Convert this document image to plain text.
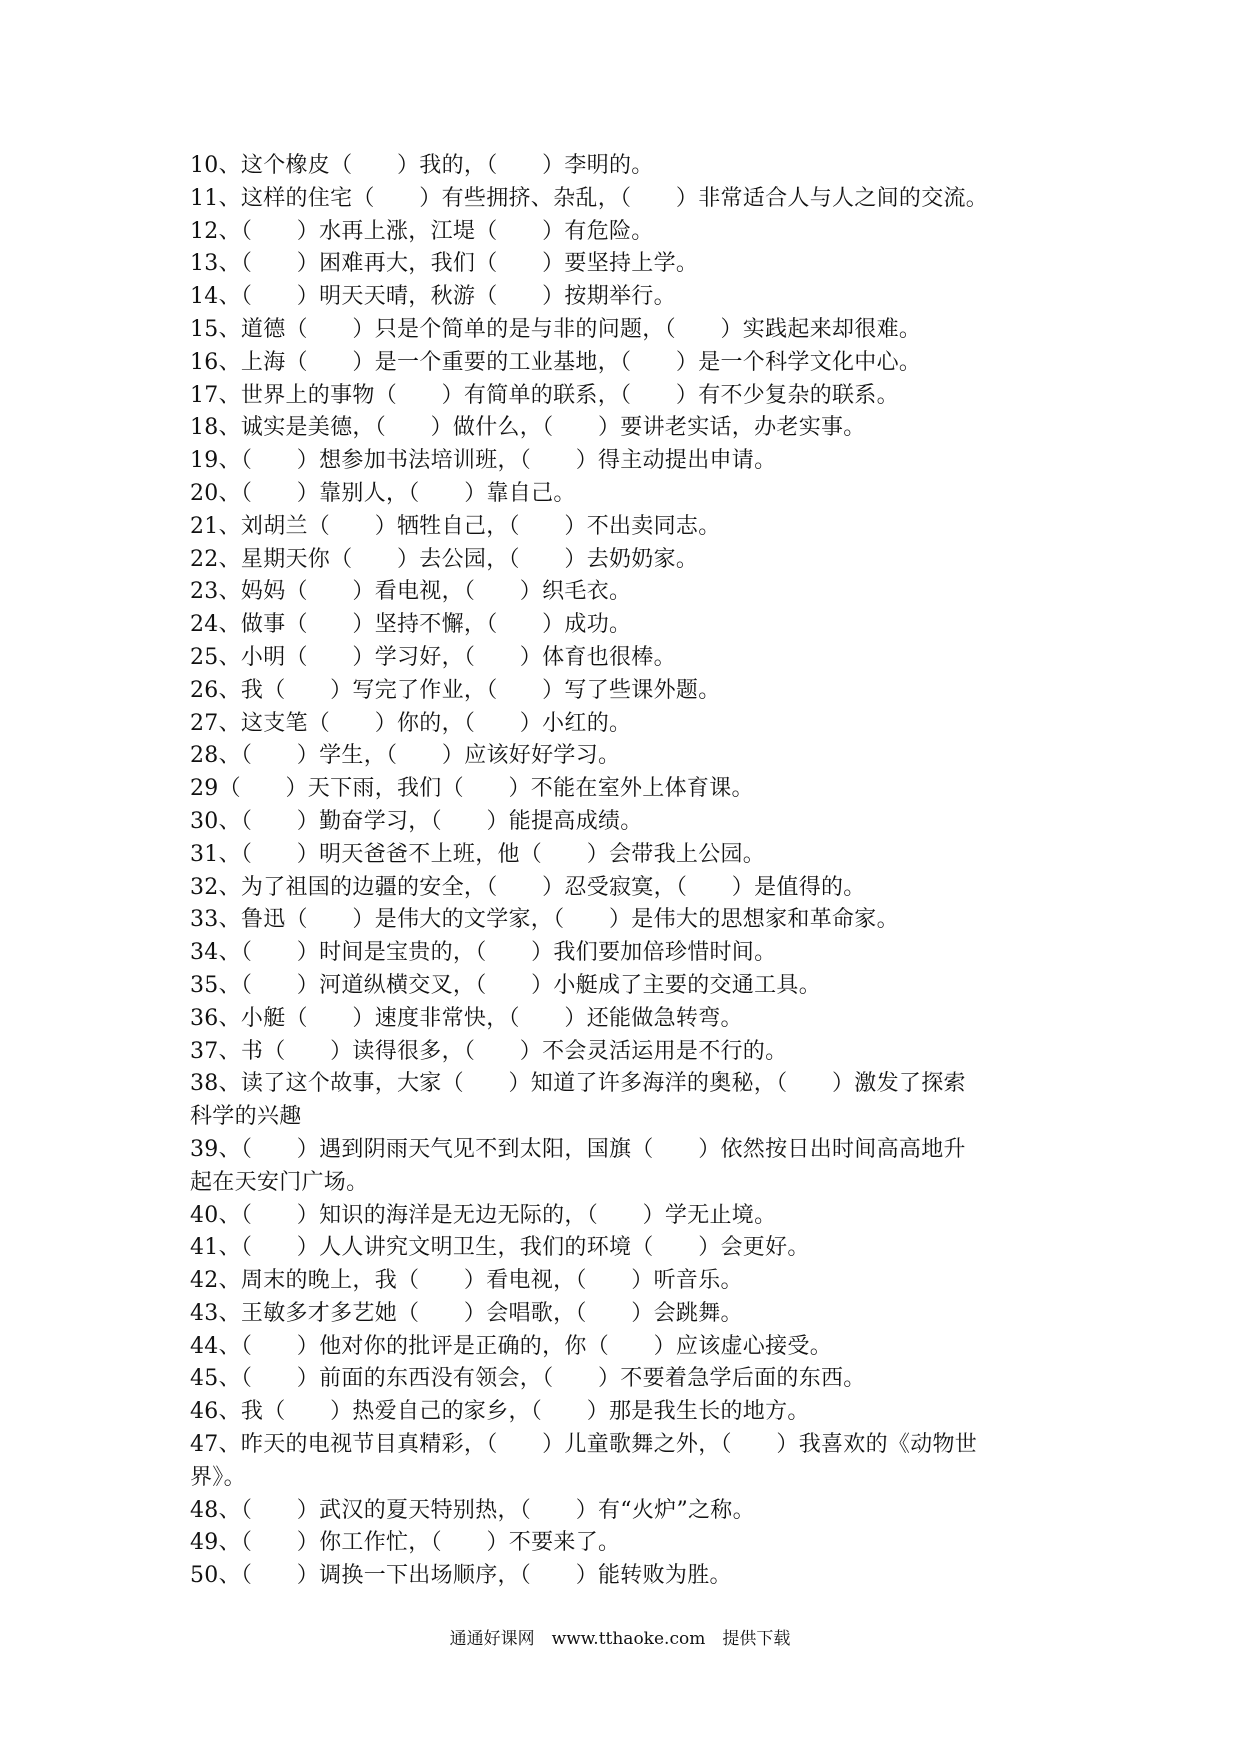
10、这个橡皮（　　）我的，（　　）李明的。
11、这样的住宅（　　）有些拥挤、杂乱，（　　）非常适合人与人之间的交流。
12、（　　）水再上涨，江堤（　　）有危险。
13、（　　）困难再大，我们（　　）要坚持上学。
14、（　　）明天天晴，秋游（　　）按期举行。
15、道德（　　）只是个简单的是与非的问题，（　　）实践起来却很难。
16、上海（　　）是一个重要的工业基地，（　　）是一个科学文化中心。
17、世界上的事物（　　）有简单的联系，（　　）有不少复杂的联系。
18、诚实是美德，（　　）做什么，（　　）要讲老实话，办老实事。
19、（　　）想参加书法培训班，（　　）得主动提出申请。
20、（　　）靠别人，（　　）靠自己。
21、刘胡兰（　　）牺牲自己，（　　）不出卖同志。
22、星期天你（　　）去公园，（　　）去奶奶家。
23、妈妈（　　）看电视，（　　）织毛衣。
24、做事（　　）坚持不懈，（　　）成功。
25、小明（　　）学习好，（　　）体育也很棒。
26、我（　　）写完了作业，（　　）写了些课外题。
27、这支笔（　　）你的，（　　）小红的。
28、（　　）学生，（　　）应该好好学习。
29（　　）天下雨，我们（　　）不能在室外上体育课。
30、（　　）勤奋学习，（　　）能提高成绩。
31、（　　）明天爸爸不上班，他（　　）会带我上公园。
32、为了祖国的边疆的安全，（　　）忍受寂寞，（　　）是值得的。
33、鲁迅（　　）是伟大的文学家，（　　）是伟大的思想家和革命家。
34、（　　）时间是宝贵的，（　　）我们要加倍珍惜时间。
35、（　　）河道纵横交叉，（　　）小艇成了主要的交通工具。
36、小艇（　　）速度非常快，（　　）还能做急转弯。
37、书（　　）读得很多，（　　）不会灵活运用是不行的。
38、读了这个故事，大家（　　）知道了许多海洋的奥秘，（　　）激发了探索
科学的兴趣
39、（　　）遇到阴雨天气见不到太阳，国旗（　　）依然按日出时间高高地升
起在天安门广场。
40、（　　）知识的海洋是无边无际的，（　　）学无止境。
41、（　　）人人讲究文明卫生，我们的环境（　　）会更好。
42、周末的晚上，我（　　）看电视，（　　）听音乐。
43、王敏多才多艺她（　　）会唱歌，（　　）会跳舞。
44、（　　）他对你的批评是正确的，你（　　）应该虚心接受。
45、（　　）前面的东西没有领会，（　　）不要着急学后面的东西。
46、我（　　）热爱自己的家乡，（　　）那是我生长的地方。
47、昨天的电视节目真精彩，（　　）儿童歌舞之外，（　　）我喜欢的《动物世
界》。
48、（　　）武汉的夏天特别热，（　　）有“火炉”之称。
49、（　　）你工作忙，（　　）不要来了。
50、（　　）调换一下出场顺序，（　　）能转败为胜。
通通好课网　www.tthaoke.com　提供下载
